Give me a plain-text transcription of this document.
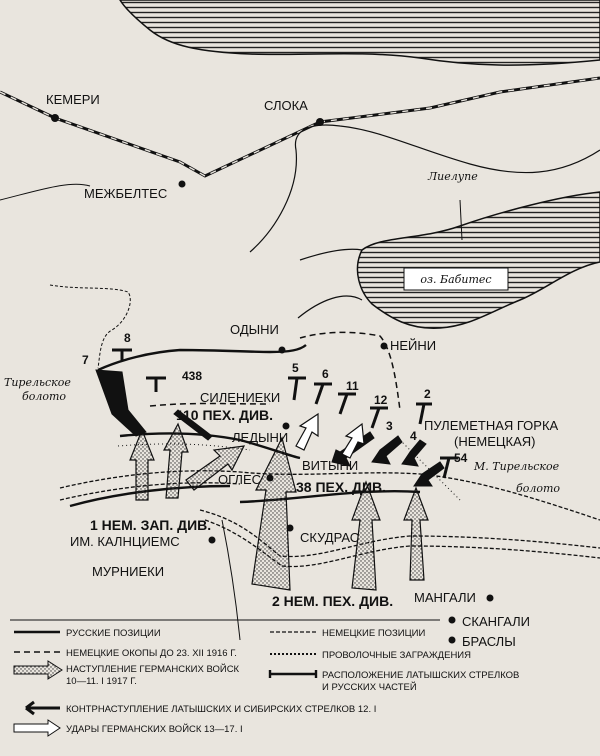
оз. Бабитес
Лиелупе
КЕМЕРИ	СЛОКА
МЕЖБЕЛТЕС
ОДЫНИ
НЕЙНИ
СИЛЕНИЕКИ
ЛЕДЫНИ
ВИТЫНИ
ОГЛЕС
СКУДРАС
ИМ. КАЛНЦИЕМС
МУРНИЕКИ
МАНГАЛИ
СКАНГАЛИ
БРАСЛЫ
Тирельское
болото
М. Тирельское
болото
110 ПЕХ. ДИВ.
38 ПЕХ. ДИВ.
1 НЕМ. ЗАП. ДИВ.
2 НЕМ. ПЕХ. ДИВ.
ПУЛЕМЕТНАЯ ГОРКА
(НЕМЕЦКАЯ)
7
8
438
5 6
11
12
3
4
2
54
РУССКИЕ ПОЗИЦИИ	НЕМЕЦКИЕ ПОЗИЦИИ
НЕМЕЦКИЕ ОКОПЫ ДО 23. XII 1916 Г.	ПРОВОЛОЧНЫЕ ЗАГРАЖДЕНИЯ
НАСТУПЛЕНИЕ ГЕРМАНСКИХ ВОЙСК
10—11. I 1917 Г.
РАСПОЛОЖЕНИЕ ЛАТЫШСКИХ СТРЕЛКОВ
И РУССКИХ ЧАСТЕЙ
КОНТРНАСТУПЛЕНИЕ ЛАТЫШСКИХ И СИБИРСКИХ СТРЕЛКОВ 12. I
УДАРЫ ГЕРМАНСКИХ ВОЙСК 13—17. I
